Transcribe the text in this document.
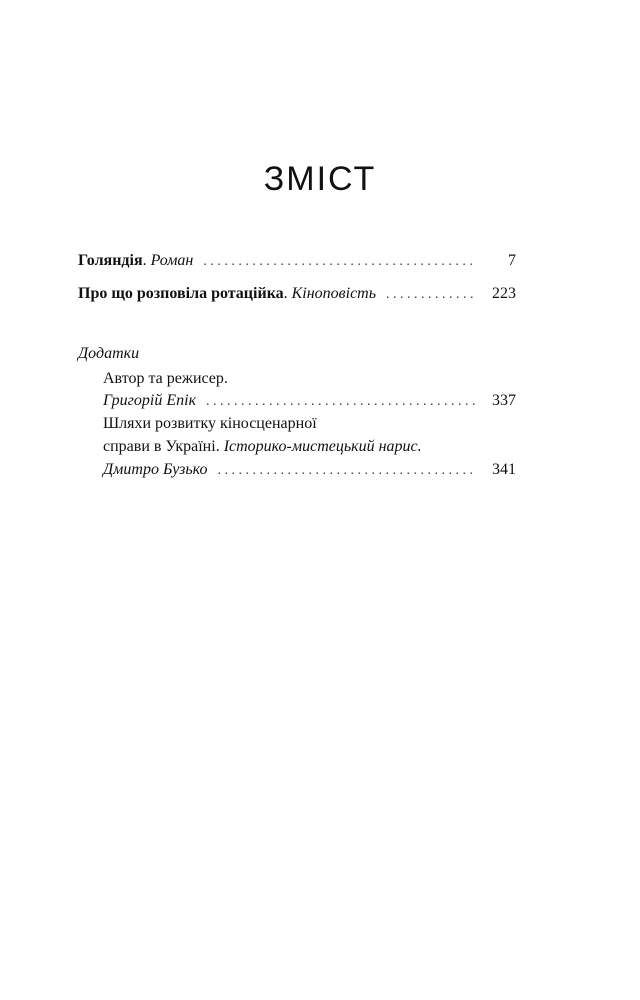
ЗМІСТ
Голяндія. Роман . . .	7
Про що розповіла ротаційка. Кіноповість . . .	223
Додатки
Автор та режисер.
Григорій Епік . . .	337
Шляхи розвитку кіносценарної
справи в Україні. Історико-мистецький нарис.
Дмитро Бузько . . .	341
